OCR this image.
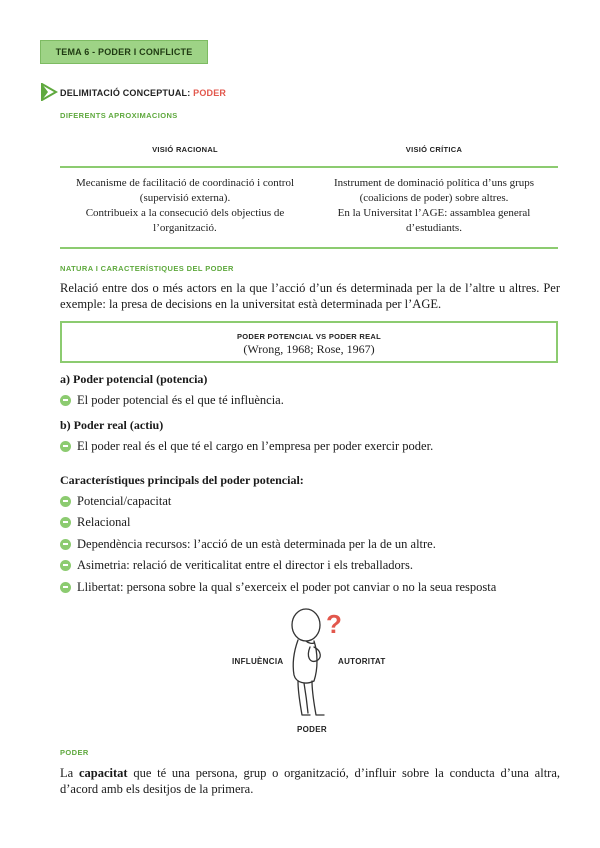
TEMA 6 - PODER I CONFLICTE
DELIMITACIÓ CONCEPTUAL: PODER
DIFERENTS APROXIMACIONS
VISIÓ RACIONAL	VISIÓ CRÍTICA
Mecanisme de facilitació de coordinació i control
(supervisió externa).
Contribueix a la consecució dels objectius de
l’organització.
Instrument de dominació política d’uns grups
(coalicions de poder) sobre altres.
En la Universitat l’AGE: assamblea general
d’estudiants.
NATURA I CARACTERÍSTIQUES DEL PODER
Relació entre dos o més actors en la que l’acció d’un és determinada per la de l’altre u altres. Per exemple: la presa de decisions en la universitat està determinada per l’AGE.
PODER POTENCIAL VS PODER REAL
(Wrong, 1968; Rose, 1967)
a) Poder potencial (potencia)
El poder potencial és el que té influència.
b) Poder real (actiu)
El poder real és el que té el cargo en l’empresa per poder exercir poder.
Característiques principals del poder potencial:
Potencial/capacitat
Relacional
Dependència recursos: l’acció de un està determinada per la de un altre.
Asimetria: relació de veriticalitat entre el director i els treballadors.
Llibertat: persona sobre la qual s’exerceix el poder pot canviar o no la seua resposta
INFLUÈNCIA	AUTORITAT
PODER
?
PODER
La capacitat que té una persona, grup o organització, d’influir sobre la conducta d’una altra, d’acord amb els desitjos de la primera.
